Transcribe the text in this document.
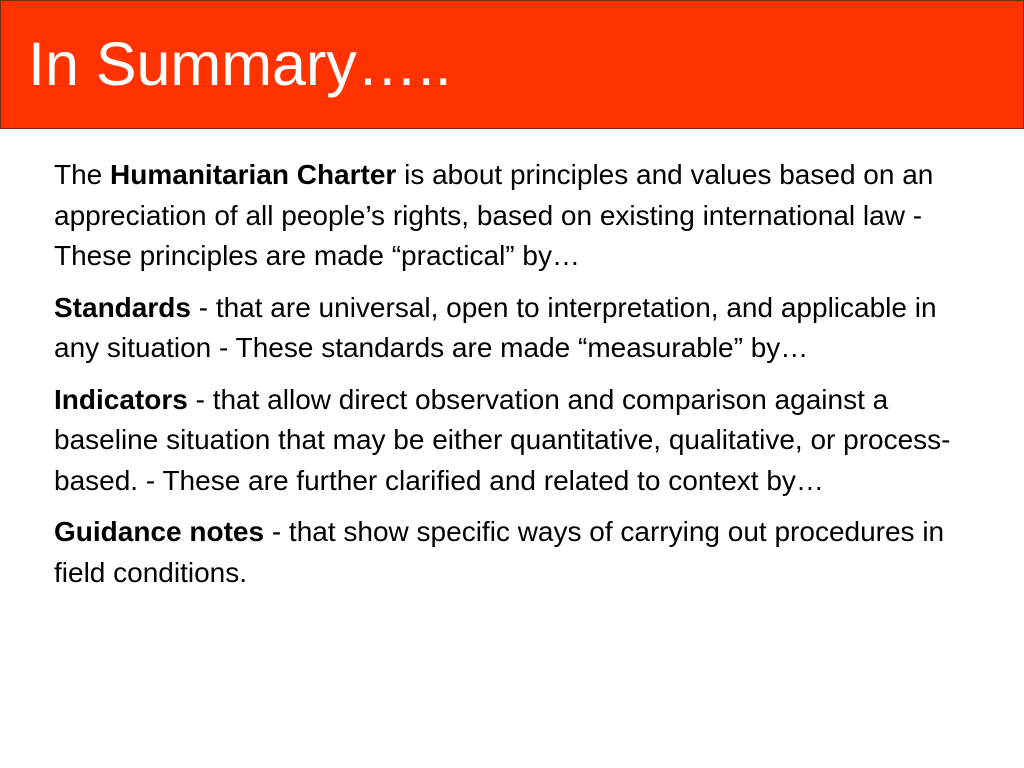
In Summary…..

The Humanitarian Charter is about principles and values based on an appreciation of all people’s rights, based on existing international law - These principles are made “practical” by…

Standards - that are universal, open to interpretation, and applicable in any situation - These standards are made “measurable” by…

Indicators - that allow direct observation and comparison against a baseline situation that may be either quantitative, qualitative, or process-based. - These are further clarified and related to context by…

Guidance notes - that show specific ways of carrying out procedures in field conditions.
